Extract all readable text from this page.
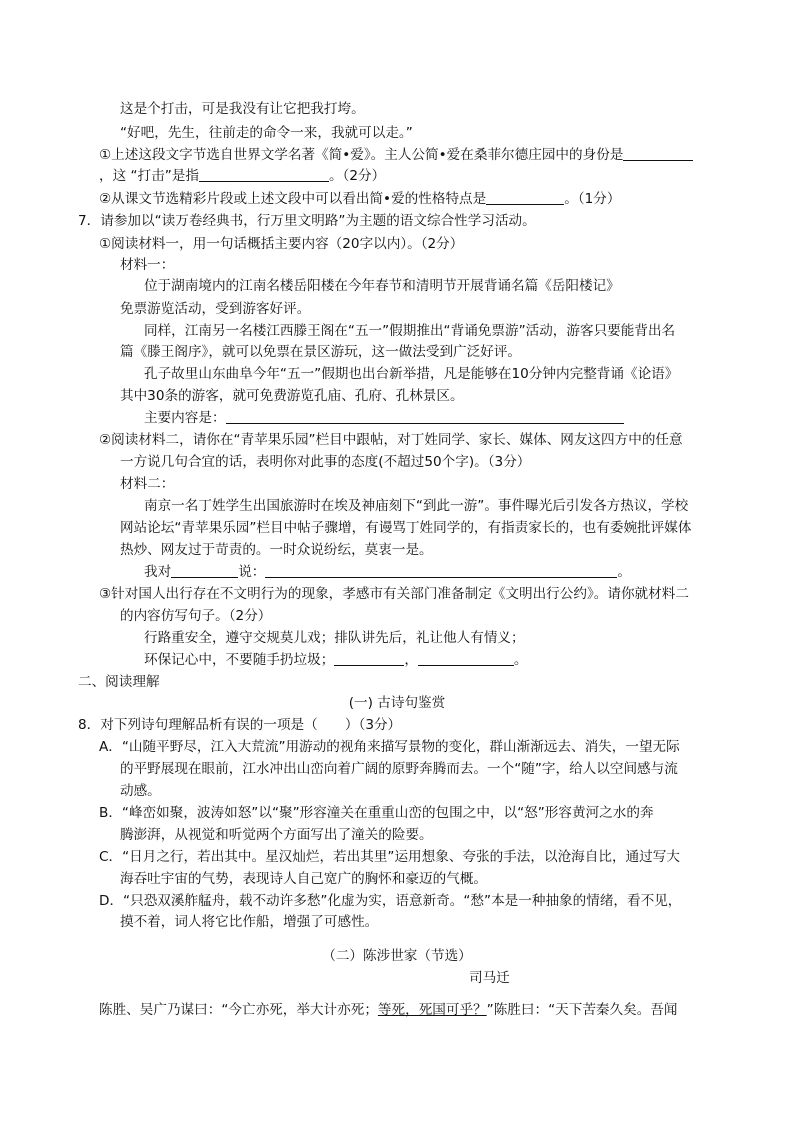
这是个打击，可是我没有让它把我打垮。
“好吧，先生，往前走的命令一来，我就可以走。”
①上述这段文字节选自世界文学名著《简•爱》。主人公简•爱在桑菲尔德庄园中的身份是
，这 “打击”是指	。（2分）
②从课文节选精彩片段或上述文段中可以看出简•爱的性格特点是	。（1分）
7．请参加以“读万卷经典书，行万里文明路”为主题的语文综合性学习活动。
①阅读材料一，用一句话概括主要内容（20字以内）。（2分）
材料一：
位于湖南境内的江南名楼岳阳楼在今年春节和清明节开展背诵名篇《岳阳楼记》
免票游览活动，受到游客好评。
同样，江南另一名楼江西滕王阁在“五一”假期推出“背诵免票游”活动，游客只要能背出名
篇《滕王阁序》，就可以免票在景区游玩，这一做法受到广泛好评。
孔子故里山东曲阜今年“五一”假期也出台新举措，凡是能够在10分钟内完整背诵《论语》
其中30条的游客，就可免费游览孔庙、孔府、孔林景区。
主要内容是：
②阅读材料二，请你在“青苹果乐园”栏目中跟帖，对丁姓同学、家长、媒体、网友这四方中的任意
一方说几句合宜的话，表明你对此事的态度(不超过50个字)。（3分）
材料二：
南京一名丁姓学生出国旅游时在埃及神庙刻下“到此一游”。事件曝光后引发各方热议，学校
网站论坛“青苹果乐园”栏目中帖子骤增，有谩骂丁姓同学的，有指责家长的，也有委婉批评媒体
热炒、网友过于苛责的。一时众说纷纭，莫衷一是。
我对	说：	。
③针对国人出行存在不文明行为的现象，孝感市有关部门准备制定《文明出行公约》。请你就材料二
的内容仿写句子。（2分）
行路重安全，遵守交规莫儿戏；排队讲先后，礼让他人有情义；
环保记心中，不要随手扔垃圾；	，	。
二、阅读理解
(一) 古诗句鉴赏
8．对下列诗句理解品析有误的一项是（　　）（3分）
A．“山随平野尽，江入大荒流”用游动的视角来描写景物的变化，群山渐渐远去、消失，一望无际
的平野展现在眼前，江水冲出山峦向着广阔的原野奔腾而去。一个“随”字，给人以空间感与流
动感。
B．“峰峦如聚，波涛如怒”以“聚”形容潼关在重重山峦的包围之中，以“怒”形容黄河之水的奔
腾澎湃，从视觉和听觉两个方面写出了潼关的险要。
C．“日月之行，若出其中。星汉灿烂，若出其里”运用想象、夸张的手法，以沧海自比，通过写大
海吞吐宇宙的气势，表现诗人自己宽广的胸怀和豪迈的气概。
D．“只恐双溪舴艋舟，载不动许多愁”化虚为实，语意新奇。“愁”本是一种抽象的情绪，看不见，
摸不着，词人将它比作船，增强了可感性。
（二）陈涉世家（节选）
司马迁
陈胜、吴广乃谋曰：“今亡亦死，举大计亦死；等死，死国可乎？”陈胜曰：“天下苦秦久矣。吾闻
